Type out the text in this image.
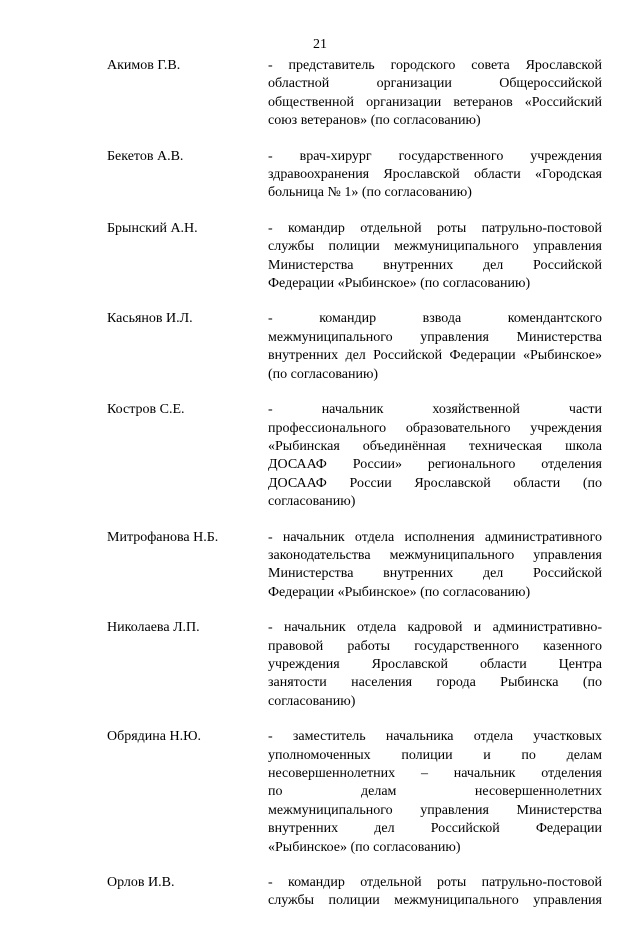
21
Акимов Г.В.	- представитель городского совета Ярославской
областной организации Общероссийской
общественной организации ветеранов «Российский
союз ветеранов» (по согласованию)
Бекетов А.В.	- врач-хирург государственного учреждения
здравоохранения Ярославской области «Городская
больница № 1» (по согласованию)
Брынский А.Н.	- командир отдельной роты патрульно-постовой
службы полиции межмуниципального управления
Министерства внутренних дел Российской
Федерации «Рыбинское» (по согласованию)
Касьянов И.Л.	- командир взвода комендантского
межмуниципального управления Министерства
внутренних дел Российской Федерации «Рыбинское»
(по согласованию)
Костров С.Е.	- начальник хозяйственной части
профессионального образовательного учреждения
«Рыбинская объединённая техническая школа
ДОСААФ России» регионального отделения
ДОСААФ России Ярославской области (по
согласованию)
Митрофанова Н.Б.	- начальник отдела исполнения административного
законодательства межмуниципального управления
Министерства внутренних дел Российской
Федерации «Рыбинское» (по согласованию)
Николаева Л.П.	- начальник отдела кадровой и административно-
правовой работы государственного казенного
учреждения Ярославской области Центра
занятости населения города Рыбинска (по
согласованию)
Обрядина Н.Ю.	- заместитель начальника отдела участковых
уполномоченных полиции и по делам
несовершеннолетних – начальник отделения
по делам несовершеннолетних
межмуниципального управления Министерства
внутренних дел Российской Федерации
«Рыбинское» (по согласованию)
Орлов И.В.	- командир отдельной роты патрульно-постовой
службы полиции межмуниципального управления
